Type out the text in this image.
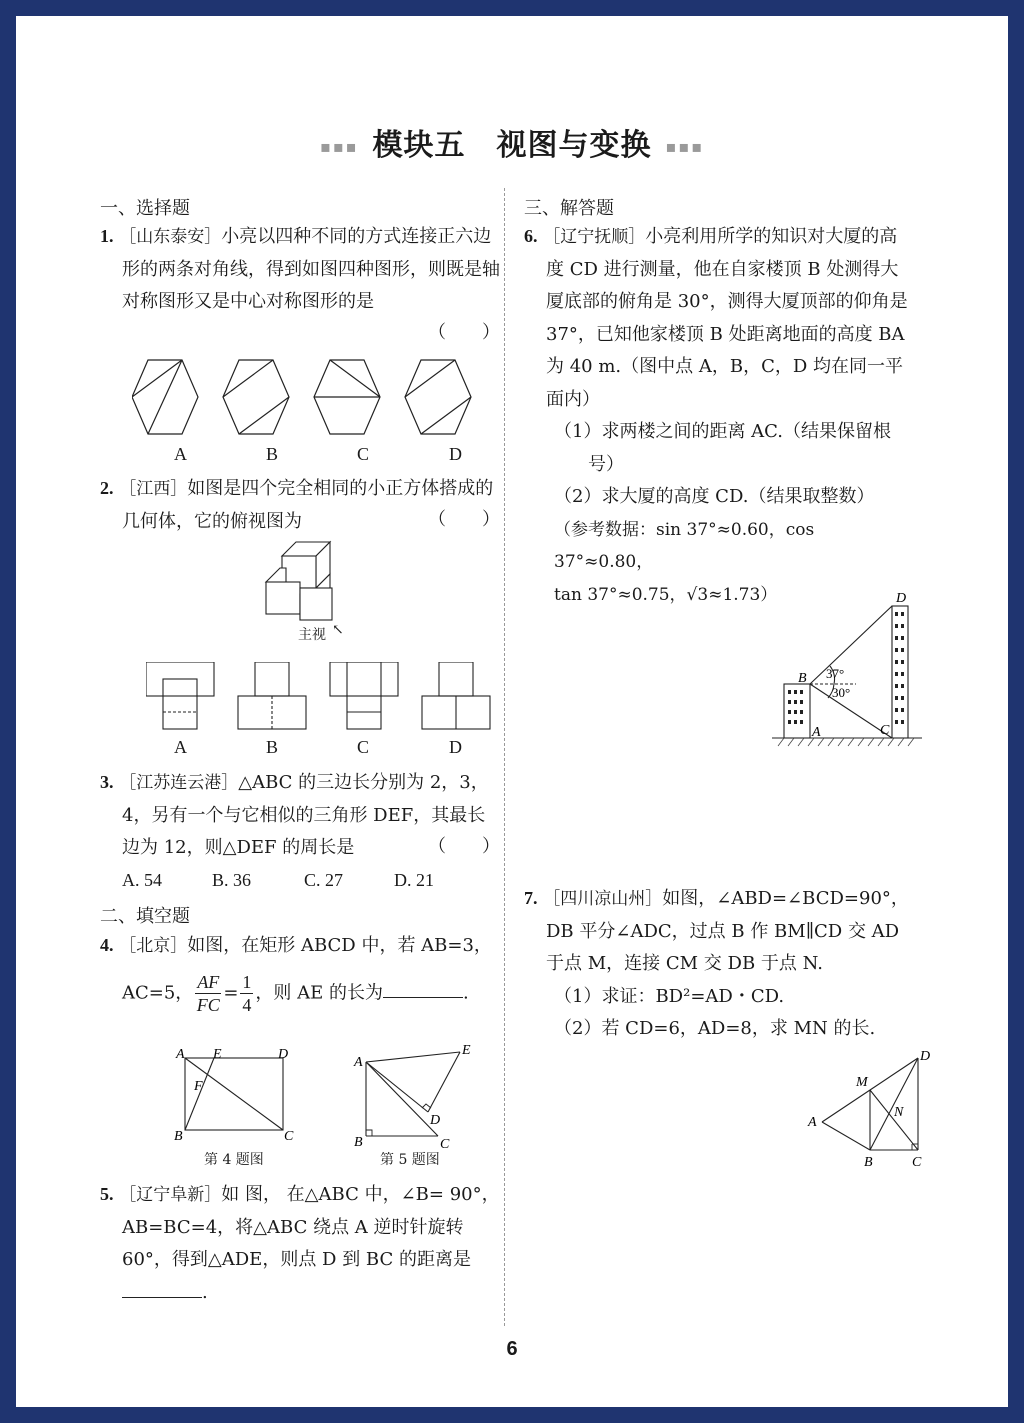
▪▪▪ 模块五　视图与变换 ▪▪▪
一、选择题
1. ［山东泰安］小亮以四种不同的方式连接正六边形的两条对角线，得到如图四种图形，则既是轴对称图形又是中心对称图形的是
（　　）
A	B	C	D
2. ［江西］如图是四个完全相同的小正方体搭成的几何体，它的俯视图为	（　　）
主视 ↖
A	B	C	D
3. ［江苏连云港］△ABC 的三边长分别为 2，3，4，另有一个与它相似的三角形 DEF，其最长边为 12，则△DEF 的周长是	（　　）
A. 54	B. 36	C. 27	D. 21
二、填空题
4. ［北京］如图，在矩形 ABCD 中，若 AB=3，
AC=5， $\frac{AF}{FC} = \frac{1}{4}$ ，则 AE 的长为	.
A E	D
F
B	C
第 4 题图
A
E
D
B	C
第 5 题图
5. ［辽宁阜新］如 图， 在△ABC 中，∠B= 90°，AB=BC=4，将△ABC 绕点 A 逆时针旋转 60°，得到△ADE，则点 D 到 BC 的距离是.
三、解答题
6. ［辽宁抚顺］小亮利用所学的知识对大厦的高度 CD 进行测量，他在自家楼顶 B 处测得大厦底部的俯角是 30°，测得大厦顶部的仰角是 37°，已知他家楼顶 B 处距离地面的高度 BA 为 40 m.（图中点 A，B，C，D 均在同一平面内）
（1）求两楼之间的距离 AC.（结果保留根号）
（2）求大厦的高度 CD.（结果取整数）
（参考数据：sin 37°≈0.60，cos 37°≈0.80，
tan 37°≈0.75，√3≈1.73）	D
B
A	C
37°
30°
7. ［四川凉山州］如图，∠ABD=∠BCD=90°，DB 平分∠ADC，过点 B 作 BM∥CD 交 AD 于点 M，连接 CM 交 DB 于点 N.
（1）求证：BD²=AD・CD.
（2）若 CD=6，AD=8，求 MN 的长.
D
M
N
A
B	C
6
